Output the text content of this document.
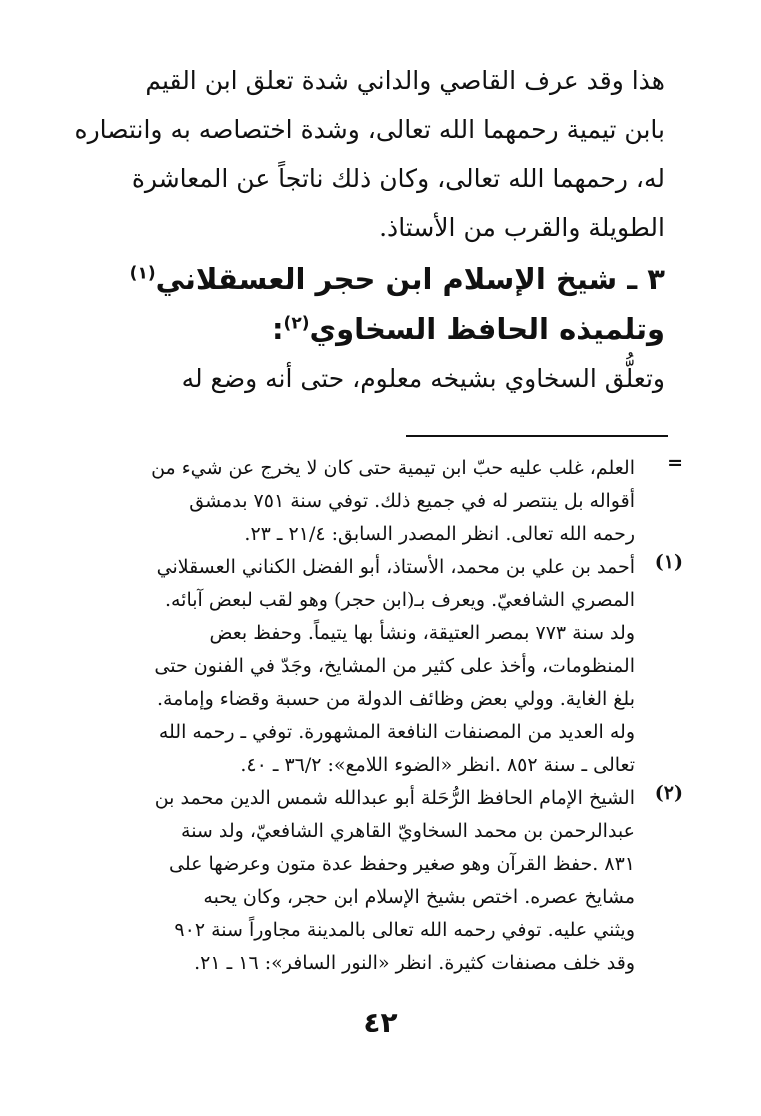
هذا وقد عرف القاصي والداني شدة تعلق ابن القيم
بابن تيمية رحمهما الله تعالى، وشدة اختصاصه به وانتصاره
له، رحمهما الله تعالى، وكان ذلك ناتجاً عن المعاشرة
الطويلة والقرب من الأستاذ.
٣ ـ شيخ الإسلام ابن حجر العسقلاني$^{(١)}$
وتلميذه الحافظ السخاوي$^{(٢)}$:
وتعلُّق السخاوي بشيخه معلوم، حتى أنه وضع له
=
العلم، غلب عليه حبّ ابن تيمية حتى كان لا يخرج عن شيء من
أقواله بل ينتصر له في جميع ذلك. توفي سنة ٧٥١ بدمشق
رحمه الله تعالى. انظر المصدر السابق: ٢١/٤ ـ ٢٣.
(١)
أحمد بن علي بن محمد، الأستاذ، أبو الفضل الكناني العسقلاني
المصري الشافعيّ. ويعرف بـ(ابن حجر) وهو لقب لبعض آبائه.
ولد سنة ٧٧٣ بمصر العتيقة، ونشأ بها يتيماً. وحفظ بعض
المنظومات، وأخذ على كثير من المشايخ، وجَدّ في الفنون حتى
بلغ الغاية. وولي بعض وظائف الدولة من حسبة وقضاء وإمامة.
وله العديد من المصنفات النافعة المشهورة. توفي ـ رحمه الله
تعالى ـ سنة ٨٥٢ .انظر «الضوء اللامع»: ٣٦/٢ ـ ٤٠.
(٢)
الشيخ الإمام الحافظ الرُّحَلة أبو عبدالله شمس الدين محمد بن
عبدالرحمن بن محمد السخاويّ القاهري الشافعيّ، ولد سنة
٨٣١ .حفظ القرآن وهو صغير وحفظ عدة متون وعرضها على
مشايخ عصره. اختص بشيخ الإسلام ابن حجر، وكان يحبه
ويثني عليه. توفي رحمه الله تعالى بالمدينة مجاوراً سنة ٩٠٢
وقد خلف مصنفات كثيرة. انظر «النور السافر»: ١٦ ـ ٢١.
٤٢
